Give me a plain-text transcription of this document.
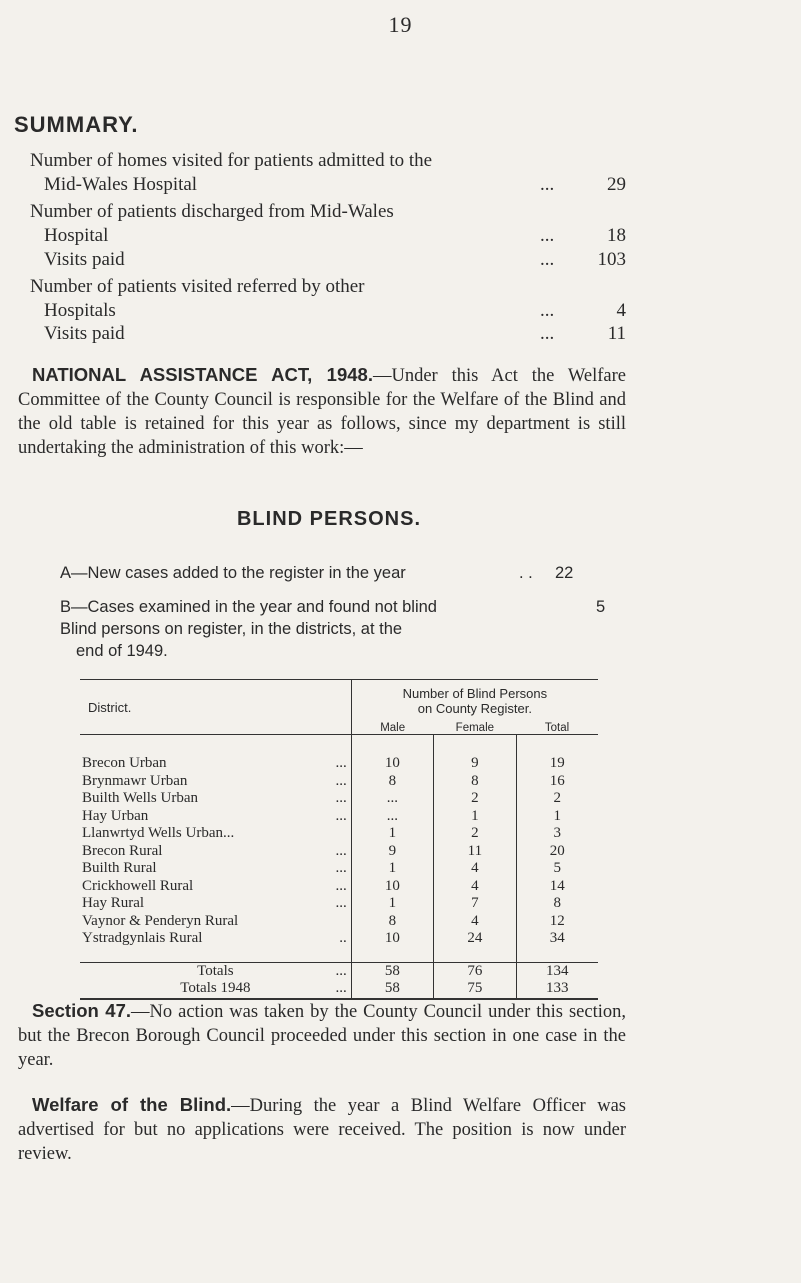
19
SUMMARY.
Number of homes visited for patients admitted to the
Mid-Wales Hospital	...	29
Number of patients discharged from Mid-Wales
Hospital	...	18
Visits paid	... 103
Number of patients visited referred by other
Hospitals	...	4
Visits paid	...	11
NATIONAL ASSISTANCE ACT, 1948.—Under this Act the Welfare Committee of the County Council is responsible for the Welfare of the Blind and the old table is retained for this year as follows, since my department is still undertaking the administration of this work:—
BLIND PERSONS.
A—New cases added to the register in the year	. . 22
B—Cases examined in the year and found not blind	5
Blind persons on register, in the districts, at the
end of 1949.
District.	Number of Blind Persons
on County Register.		

	Male	Female	Total

Brecon Urban ...	10	9	19
Brynmawr Urban ...	8	8	16
Builth Wells Urban ...	...	2	2
Hay Urban ...	...	1	1
Llanwrtyd Wells Urban...	1	2	3
Brecon Rural ...	9	11	20
Builth Rural ...	1	4	5
Crickhowell Rural ...	10	4	14
Hay Rural ...	1	7	8
Vaynor & Penderyn Rural	8	4	12
Ystradgynlais Rural ..	10	24	34

Totals ...	58	76	134
Totals 1948 ...	58	75	133
Section 47.—No action was taken by the County Council under this section, but the Brecon Borough Council proceeded under this section in one case in the year.
Welfare of the Blind.—During the year a Blind Welfare Officer was advertised for but no applications were received. The position is now under review.
